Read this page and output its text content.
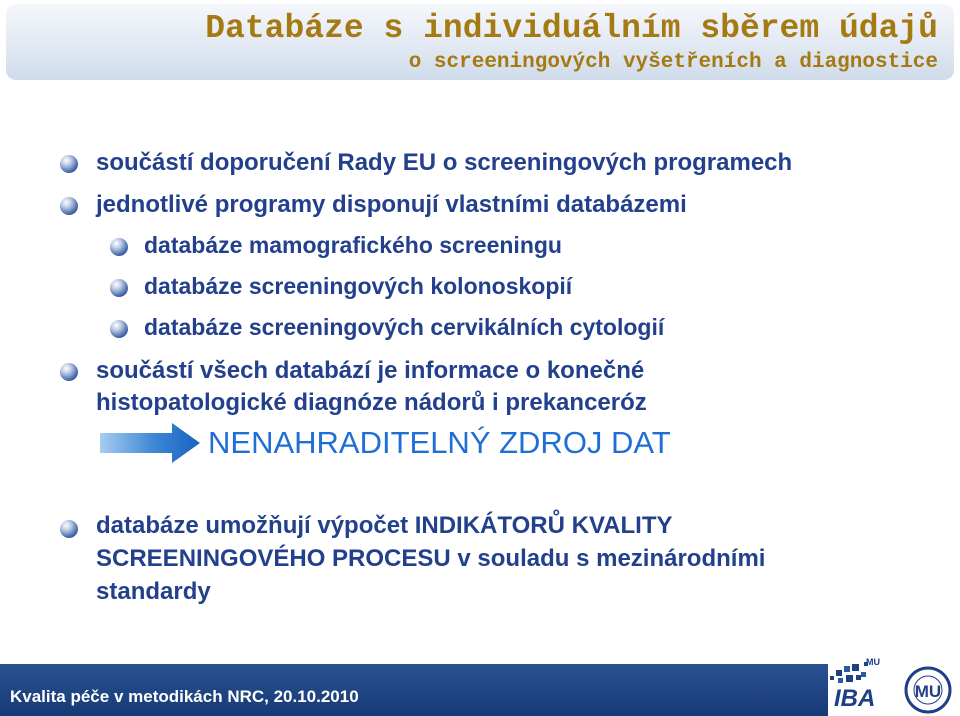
Databáze s individuálním sběrem údajů
o screeningových vyšetřeních a diagnostice
součástí doporučení Rady EU o screeningových programech
jednotlivé programy disponují vlastními databázemi
databáze mamografického screeningu
databáze screeningových kolonoskopií
databáze screeningových cervikálních cytologií
součástí všech databází je informace o konečné
histopatologické diagnóze nádorů i prekanceróz
NENAHRADITELNÝ ZDROJ DAT
databáze umožňují výpočet INDIKÁTORŮ KVALITY
SCREENINGOVÉHO PROCESU v souladu s mezinárodními
standardy
Kvalita péče v metodikách NRC, 20.10.2010
MU
IBA MU
